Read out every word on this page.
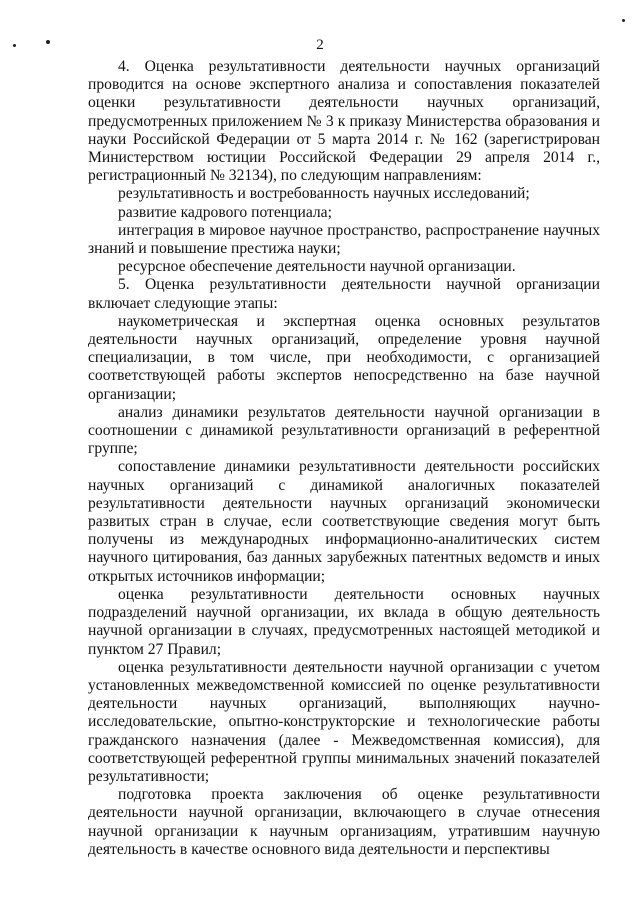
2

4. Оценка результативности деятельности научных организаций проводится на основе экспертного анализа и сопоставления показателей оценки результативности деятельности научных организаций, предусмотренных приложением № 3 к приказу Министерства образования и науки Российской Федерации от 5 марта 2014 г. № 162 (зарегистрирован Министерством юстиции Российской Федерации 29 апреля 2014 г., регистрационный № 32134), по следующим направлениям:

результативность и востребованность научных исследований;

развитие кадрового потенциала;

интеграция в мировое научное пространство, распространение научных знаний и повышение престижа науки;

ресурсное обеспечение деятельности научной организации.

5. Оценка результативности деятельности научной организации включает следующие этапы:

наукометрическая и экспертная оценка основных результатов деятельности научных организаций, определение уровня научной специализации, в том числе, при необходимости, с организацией соответствующей работы экспертов непосредственно на базе научной организации;

анализ динамики результатов деятельности научной организации в соотношении с динамикой результативности организаций в референтной группе;

сопоставление динамики результативности деятельности российских научных организаций с динамикой аналогичных показателей результативности деятельности научных организаций экономически развитых стран в случае, если соответствующие сведения могут быть получены из международных информационно-аналитических систем научного цитирования, баз данных зарубежных патентных ведомств и иных открытых источников информации;

оценка результативности деятельности основных научных подразделений научной организации, их вклада в общую деятельность научной организации в случаях, предусмотренных настоящей методикой и пунктом 27 Правил;

оценка результативности деятельности научной организации с учетом установленных межведомственной комиссией по оценке результативности деятельности научных организаций, выполняющих научно-исследовательские, опытно-конструкторские и технологические работы гражданского назначения (далее - Межведомственная комиссия), для соответствующей референтной группы минимальных значений показателей результативности;

подготовка проекта заключения об оценке результативности деятельности научной организации, включающего в случае отнесения научной организации к научным организациям, утратившим научную деятельность в качестве основного вида деятельности и перспективы
